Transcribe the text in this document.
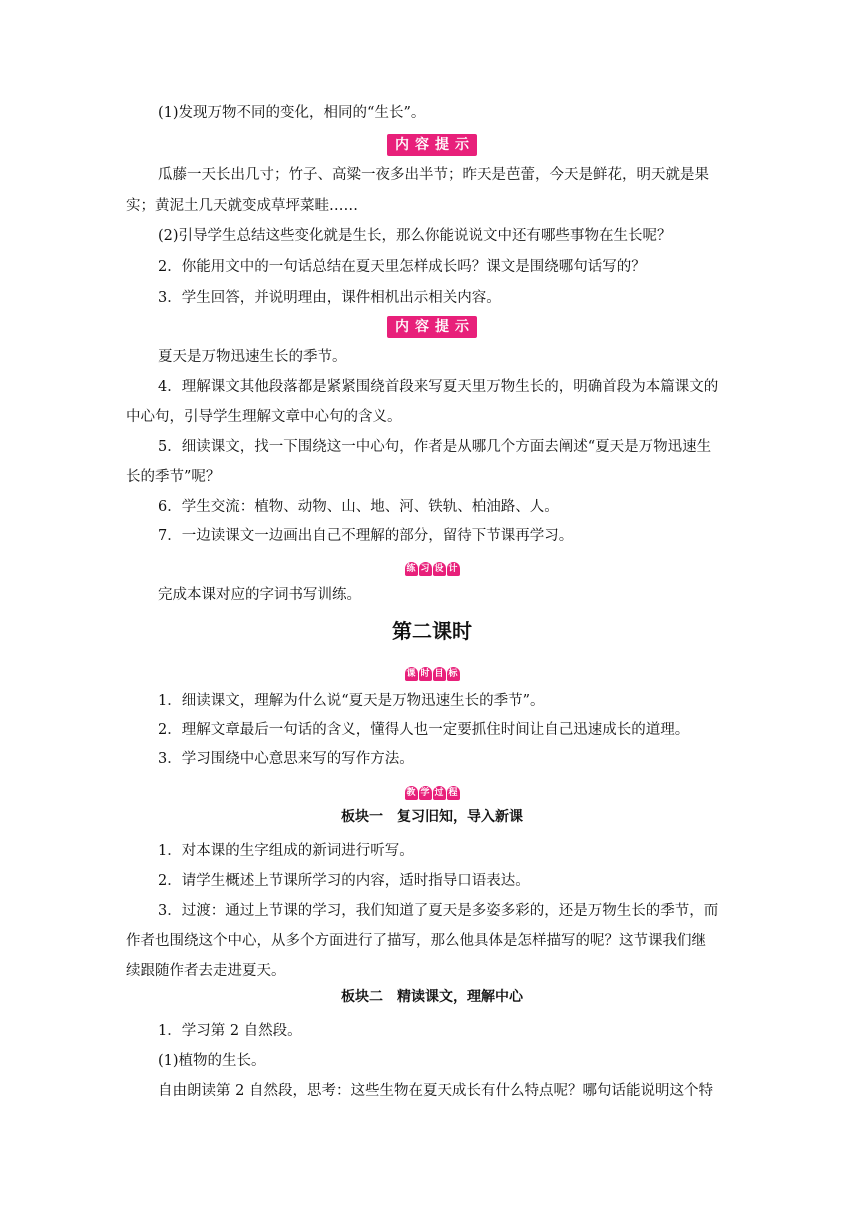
(1)发现万物不同的变化，相同的“生长”。
内容提示
瓜藤一天长出几寸；竹子、高粱一夜多出半节；昨天是芭蕾，今天是鲜花，明天就是果
实；黄泥土几天就变成草坪菜畦……
(2)引导学生总结这些变化就是生长，那么你能说说文中还有哪些事物在生长呢？
2．你能用文中的一句话总结在夏天里怎样成长吗？课文是围绕哪句话写的？
3．学生回答，并说明理由，课件相机出示相关内容。
内容提示
夏天是万物迅速生长的季节。
4．理解课文其他段落都是紧紧围绕首段来写夏天里万物生长的，明确首段为本篇课文的
中心句，引导学生理解文章中心句的含义。
5．细读课文，找一下围绕这一中心句，作者是从哪几个方面去阐述“夏天是万物迅速生
长的季节”呢？
6．学生交流：植物、动物、山、地、河、铁轨、柏油路、人。
7．一边读课文一边画出自己不理解的部分，留待下节课再学习。
练 习 设 计
完成本课对应的字词书写训练。
第二课时
课 时 目 标
1．细读课文，理解为什么说“夏天是万物迅速生长的季节”。
2．理解文章最后一句话的含义，懂得人也一定要抓住时间让自己迅速成长的道理。
3．学习围绕中心意思来写的写作方法。
教 学 过 程
板块一　复习旧知，导入新课
1．对本课的生字组成的新词进行听写。
2．请学生概述上节课所学习的内容，适时指导口语表达。
3．过渡：通过上节课的学习，我们知道了夏天是多姿多彩的，还是万物生长的季节，而
作者也围绕这个中心，从多个方面进行了描写，那么他具体是怎样描写的呢？这节课我们继
续跟随作者去走进夏天。
板块二　精读课文，理解中心
1．学习第 2 自然段。
(1)植物的生长。
自由朗读第 2 自然段，思考：这些生物在夏天成长有什么特点呢？哪句话能说明这个特
